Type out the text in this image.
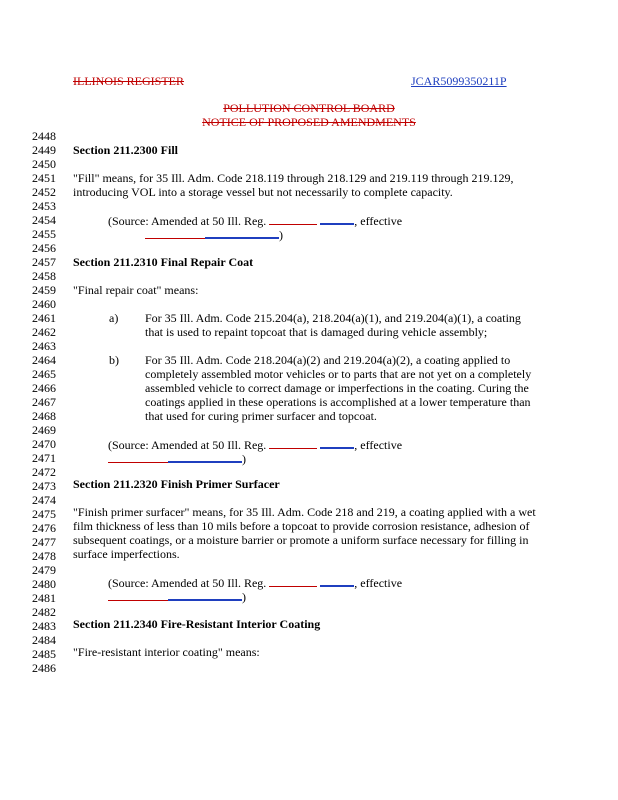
ILLINOIS REGISTER	JCAR5099350211P
POLLUTION CONTROL BOARD
NOTICE OF PROPOSED AMENDMENTS
2448
2449
2450
2451
2452
2453
2454
2455
2456
2457
2458
2459
2460
2461
2462
2463
2464
2465
2466
2467
2468
2469
2470
2471
2472
2473
2474
2475
2476
2477
2478
2479
2480
2481
2482
2483
2484
2485
2486
Section 211.2300 Fill
"Fill" means, for 35 Ill. Adm. Code 218.119 through 218.129 and 219.119 through 219.129,
introducing VOL into a storage vessel but not necessarily to complete capacity.
(Source: Amended at 50 Ill. Reg.	, effective
)
Section 211.2310 Final Repair Coat
"Final repair coat" means:
a) For 35 Ill. Adm. Code 215.204(a), 218.204(a)(1), and 219.204(a)(1), a coating
that is used to repaint topcoat that is damaged during vehicle assembly;
b) For 35 Ill. Adm. Code 218.204(a)(2) and 219.204(a)(2), a coating applied to
completely assembled motor vehicles or to parts that are not yet on a completely
assembled vehicle to correct damage or imperfections in the coating. Curing the
coatings applied in these operations is accomplished at a lower temperature than
that used for curing primer surfacer and topcoat.
(Source: Amended at 50 Ill. Reg.	, effective
)
Section 211.2320 Finish Primer Surfacer
"Finish primer surfacer" means, for 35 Ill. Adm. Code 218 and 219, a coating applied with a wet
film thickness of less than 10 mils before a topcoat to provide corrosion resistance, adhesion of
subsequent coatings, or a moisture barrier or promote a uniform surface necessary for filling in
surface imperfections.
(Source: Amended at 50 Ill. Reg.	, effective
)
Section 211.2340 Fire-Resistant Interior Coating
"Fire-resistant interior coating" means:
